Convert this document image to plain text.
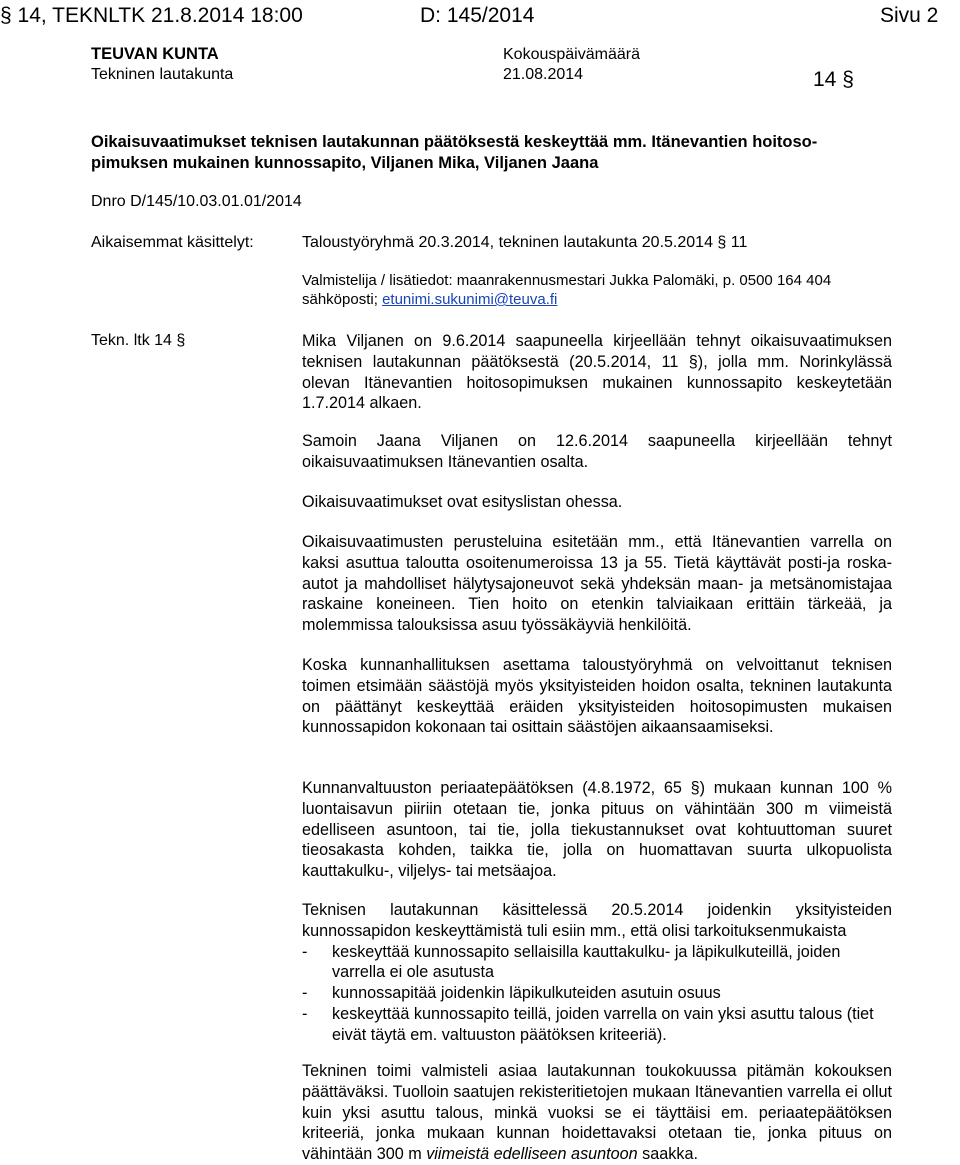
§ 14, TEKNLTK 21.8.2014 18:00	D: 145/2014	Sivu 2
TEUVAN KUNTA
Tekninen lautakunta
Kokouspäivämäärä
21.08.2014	14 §
Oikaisuvaatimukset teknisen lautakunnan päätöksestä keskeyttää mm. Itänevantien hoitoso-
pimuksen mukainen kunnossapito, Viljanen Mika, Viljanen Jaana
Dnro D/145/10.03.01.01/2014
Aikaisemmat käsittelyt:	Taloustyöryhmä 20.3.2014, tekninen lautakunta 20.5.2014 § 11
Valmistelija / lisätiedot: maanrakennusmestari Jukka Palomäki, p. 0500 164 404
sähköposti; etunimi.sukunimi@teuva.fi
Tekn. ltk 14 §	Mika Viljanen on 9.6.2014 saapuneella kirjeellään tehnyt oikaisuvaatimuksen teknisen lautakunnan päätöksestä (20.5.2014, 11 §), jolla mm. Norinkylässä olevan Itänevantien hoitosopimuksen mukainen kunnossapito keskeytetään 1.7.2014 alkaen.
Samoin Jaana Viljanen on 12.6.2014 saapuneella kirjeellään tehnyt oikaisuvaatimuksen Itänevantien osalta.
Oikaisuvaatimukset ovat esityslistan ohessa.
Oikaisuvaatimusten perusteluina esitetään mm., että Itänevantien varrella on kaksi asuttua taloutta osoitenumeroissa 13 ja 55. Tietä käyttävät posti-ja roska-autot ja mahdolliset hälytysajoneuvot sekä yhdeksän maan- ja metsänomistajaa raskaine koneineen. Tien hoito on etenkin talviaikaan erittäin tärkeää, ja molemmissa talouksissa asuu työssäkäyviä henkilöitä.
Koska kunnanhallituksen asettama taloustyöryhmä on velvoittanut teknisen toimen etsimään säästöjä myös yksityisteiden hoidon osalta, tekninen lautakunta on päättänyt keskeyttää eräiden yksityisteiden hoitosopimusten mukaisen kunnossapidon kokonaan tai osittain säästöjen aikaansaamiseksi.
Kunnanvaltuuston periaatepäätöksen (4.8.1972, 65 §) mukaan kunnan 100 % luontaisavun piiriin otetaan tie, jonka pituus on vähintään 300 m viimeistä edelliseen asuntoon, tai tie, jolla tiekustannukset ovat kohtuuttoman suuret tieosakasta kohden, taikka tie, jolla on huomattavan suurta ulkopuolista kauttakulku-, viljelys- tai metsäajoa.
Teknisen lautakunnan käsittelessä 20.5.2014 joidenkin yksityisteiden kunnossapidon keskeyttämistä tuli esiin mm., että olisi tarkoituksenmukaista
- keskeyttää kunnossapito sellaisilla kauttakulku- ja läpikulkuteillä, joiden varrella ei ole asutusta
- kunnossapitää joidenkin läpikulkuteiden asutuin osuus
- keskeyttää kunnossapito teillä, joiden varrella on vain yksi asuttu talous (tiet eivät täytä em. valtuuston päätöksen kriteeriä).
Tekninen toimi valmisteli asiaa lautakunnan toukokuussa pitämän kokouksen päättäväksi. Tuolloin saatujen rekisteritietojen mukaan Itänevantien varrella ei ollut kuin yksi asuttu talous, minkä vuoksi se ei täyttäisi em. periaatepäätöksen kriteeriä, jonka mukaan kunnan hoidettavaksi otetaan tie, jonka pituus on vähintään 300 m viimeistä edelliseen asuntoon saakka.
